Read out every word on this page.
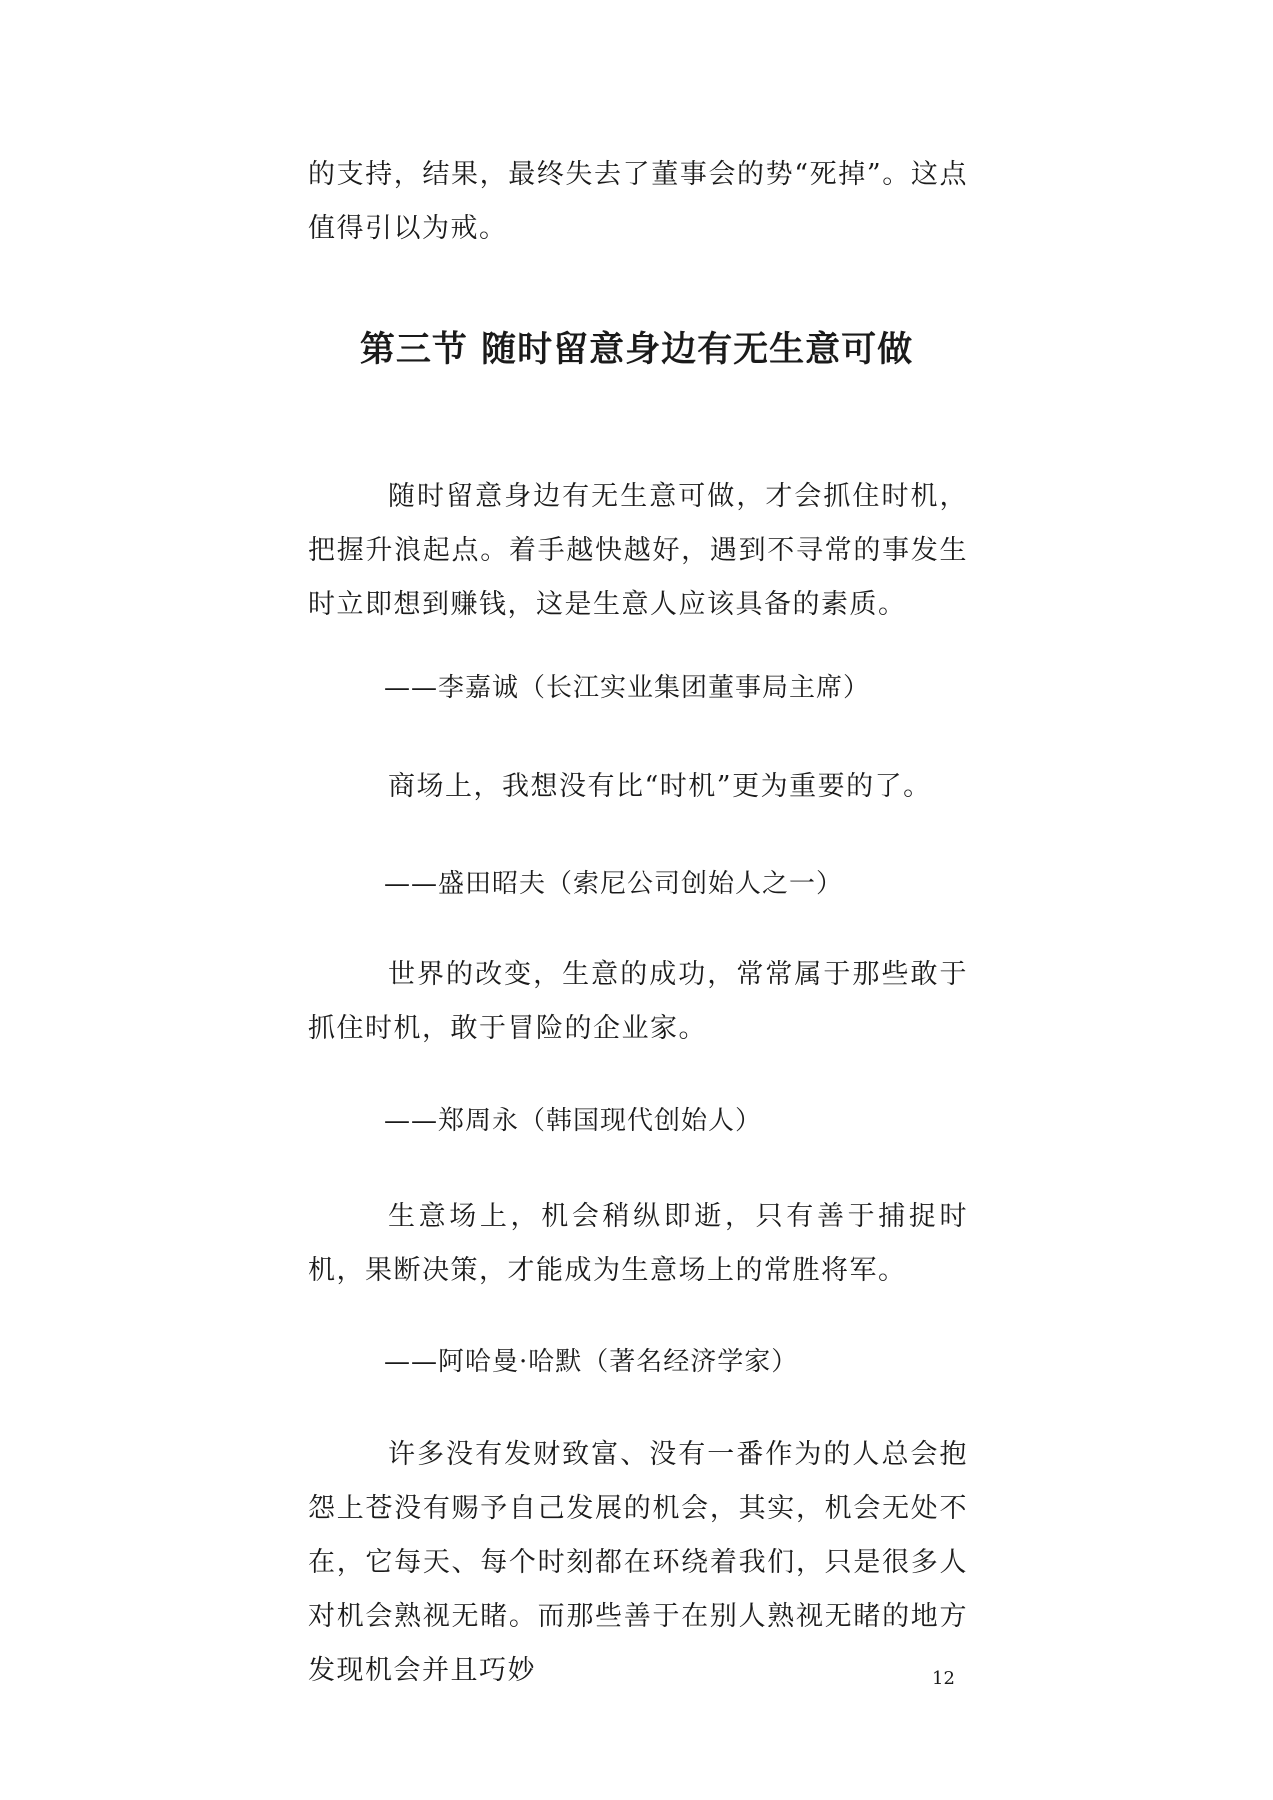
的支持，结果，最终失去了董事会的势“死掉”。这点值得引以为戒。

第三节 随时留意身边有无生意可做

随时留意身边有无生意可做，才会抓住时机，把握升浪起点。着手越快越好，遇到不寻常的事发生时立即想到赚钱，这是生意人应该具备的素质。

——李嘉诚（长江实业集团董事局主席）

商场上，我想没有比“时机”更为重要的了。

——盛田昭夫（索尼公司创始人之一）

世界的改变，生意的成功，常常属于那些敢于抓住时机，敢于冒险的企业家。

——郑周永（韩国现代创始人）

生意场上，机会稍纵即逝，只有善于捕捉时机，果断决策，才能成为生意场上的常胜将军。

——阿哈曼·哈默（著名经济学家）

许多没有发财致富、没有一番作为的人总会抱怨上苍没有赐予自己发展的机会，其实，机会无处不在，它每天、每个时刻都在环绕着我们，只是很多人对机会熟视无睹。而那些善于在别人熟视无睹的地方发现机会并且巧妙	12
